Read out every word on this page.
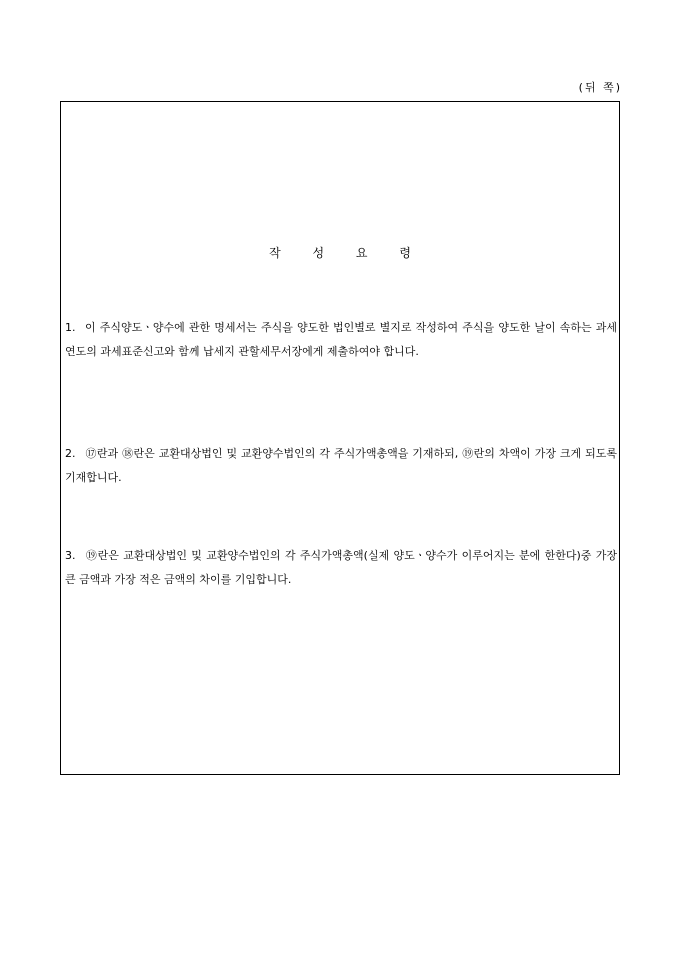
(뒤 쪽)
작 성 요 령
1. 이 주식양도ㆍ양수에 관한 명세서는 주식을 양도한 법인별로 별지로 작성하여 주식을 양도한 날이 속하는 과세연도의 과세표준신고와 함께 납세지 관할세무서장에게 제출하여야 합니다.
2. ⑰란과 ⑱란은 교환대상법인 및 교환양수법인의 각 주식가액총액을 기재하되, ⑲란의 차액이 가장 크게 되도록 기재합니다.
3. ⑲란은 교환대상법인 및 교환양수법인의 각 주식가액총액(실제 양도ㆍ양수가 이루어지는 분에 한한다)중 가장 큰 금액과 가장 적은 금액의 차이를 기입합니다.
